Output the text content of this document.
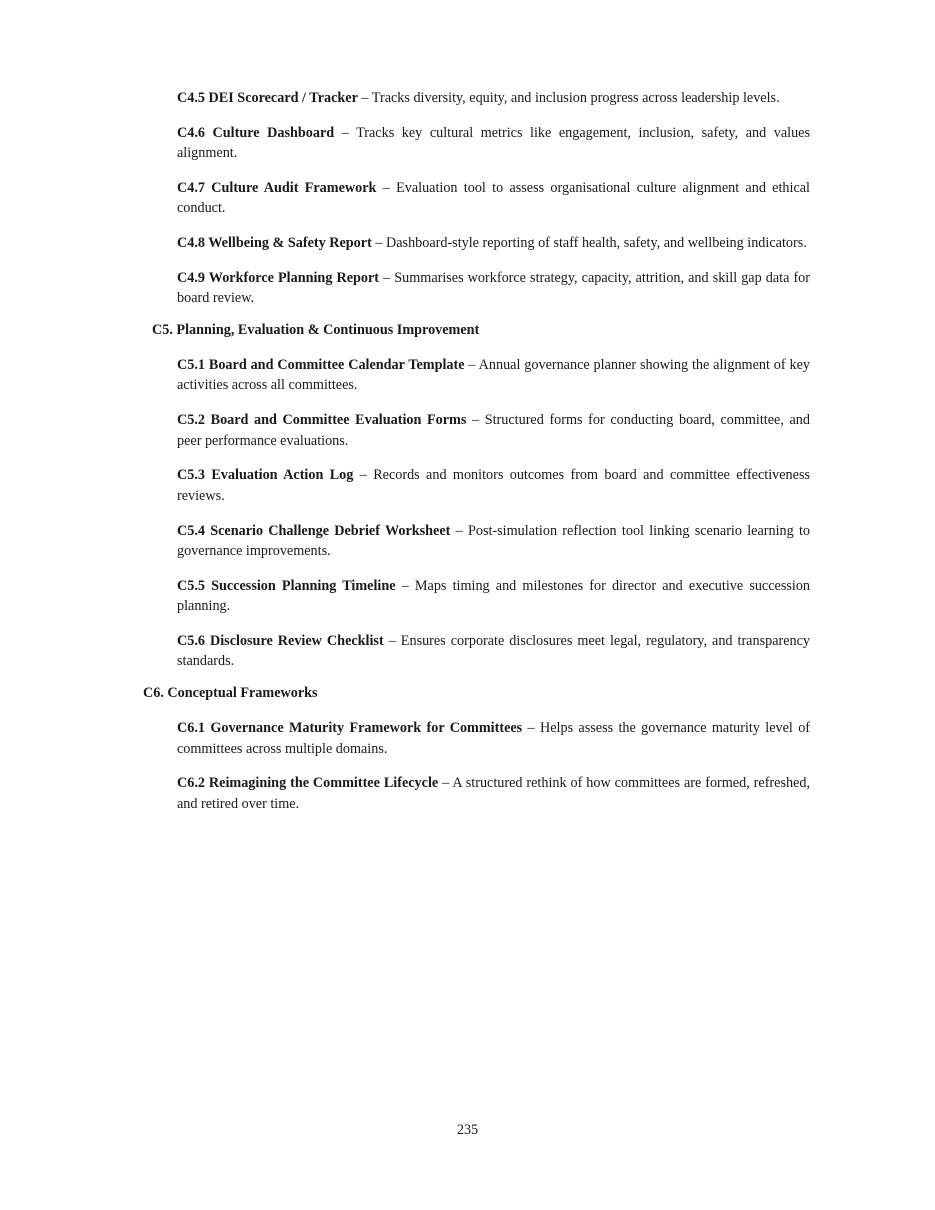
C4.5 DEI Scorecard / Tracker – Tracks diversity, equity, and inclusion progress across leadership levels.

C4.6 Culture Dashboard – Tracks key cultural metrics like engagement, inclusion, safety, and values alignment.

C4.7 Culture Audit Framework – Evaluation tool to assess organisational culture alignment and ethical conduct.

C4.8 Wellbeing & Safety Report – Dashboard-style reporting of staff health, safety, and wellbeing indicators.

C4.9 Workforce Planning Report – Summarises workforce strategy, capacity, attrition, and skill gap data for board review.

C5. Planning, Evaluation & Continuous Improvement

C5.1 Board and Committee Calendar Template – Annual governance planner showing the alignment of key activities across all committees.

C5.2 Board and Committee Evaluation Forms – Structured forms for conducting board, committee, and peer performance evaluations.

C5.3 Evaluation Action Log – Records and monitors outcomes from board and committee effectiveness reviews.

C5.4 Scenario Challenge Debrief Worksheet – Post-simulation reflection tool linking scenario learning to governance improvements.

C5.5 Succession Planning Timeline – Maps timing and milestones for director and executive succession planning.

C5.6 Disclosure Review Checklist – Ensures corporate disclosures meet legal, regulatory, and transparency standards.

C6. Conceptual Frameworks

C6.1 Governance Maturity Framework for Committees – Helps assess the governance maturity level of committees across multiple domains.

C6.2 Reimagining the Committee Lifecycle – A structured rethink of how committees are formed, refreshed, and retired over time.

235
